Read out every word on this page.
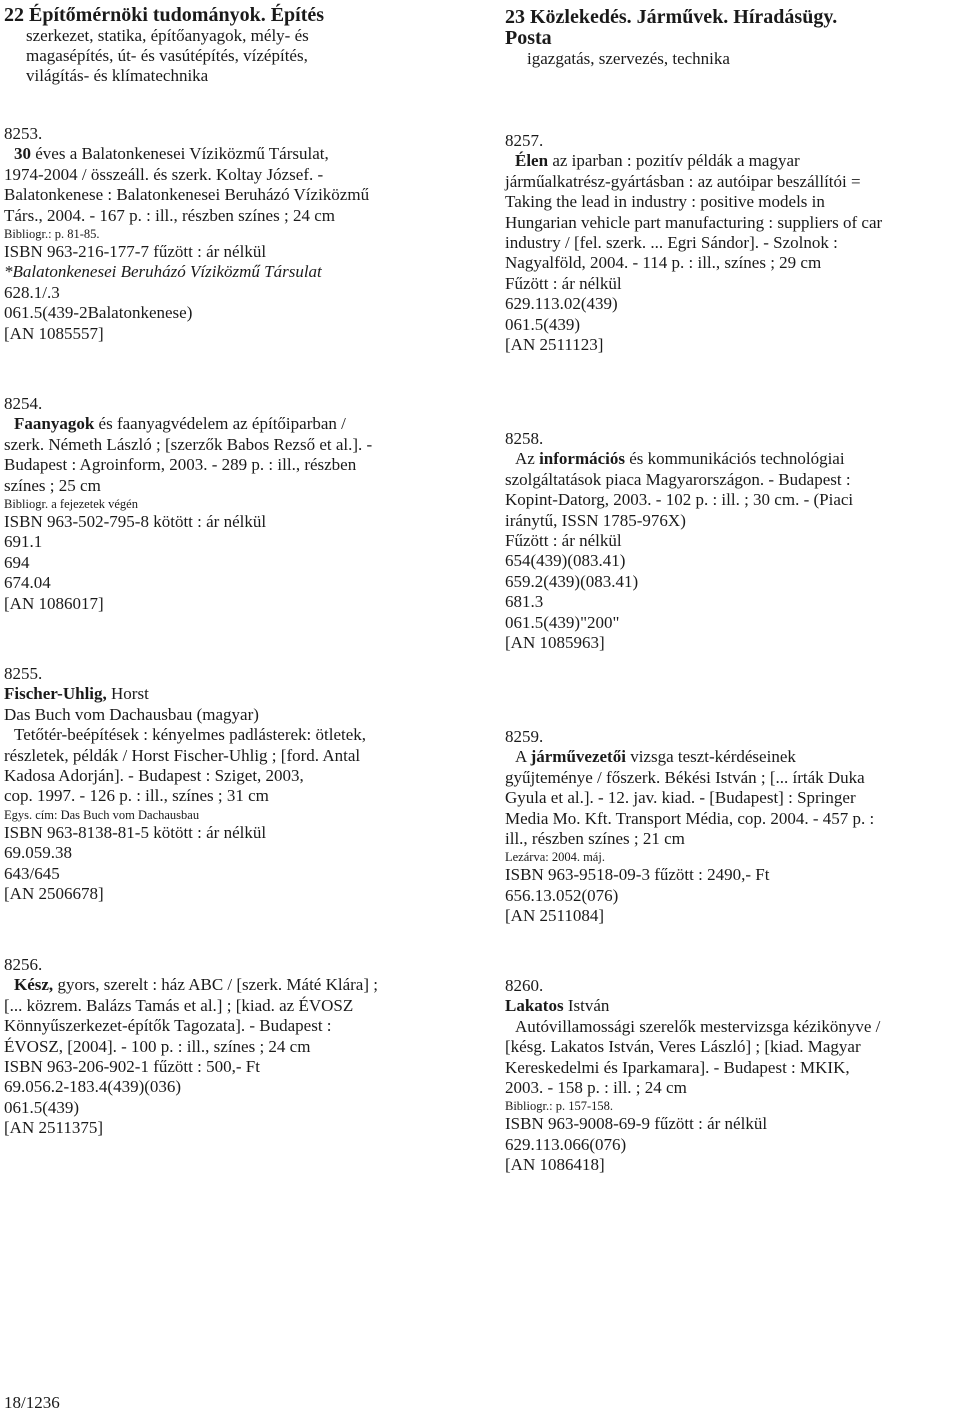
22 Építőmérnöki tudományok. Építés
szerkezet, statika, építőanyagok, mély- és
magasépítés, út- és vasútépítés, vízépítés,
világítás- és klímatechnika
23 Közlekedés. Járművek. Híradásügy.
Posta
igazgatás, szervezés, technika
8253.
30 éves a Balatonkenesei Víziközmű Társulat,
1974-2004 / összeáll. és szerk. Koltay József. -
Balatonkenese : Balatonkenesei Beruházó Víziközmű
Társ., 2004. - 167 p. : ill., részben színes ; 24 cm
Bibliogr.: p. 81-85.
ISBN 963-216-177-7 fűzött : ár nélkül
*Balatonkenesei Beruházó Víziközmű Társulat
628.1/.3
061.5(439-2Balatonkenese)
[AN 1085557]
8254.
Faanyagok és faanyagvédelem az építőiparban /
szerk. Németh László ; [szerzők Babos Rezső et al.]. -
Budapest : Agroinform, 2003. - 289 p. : ill., részben
színes ; 25 cm
Bibliogr. a fejezetek végén
ISBN 963-502-795-8 kötött : ár nélkül
691.1
694
674.04
[AN 1086017]
8255.
Fischer-Uhlig, Horst
Das Buch vom Dachausbau (magyar)
Tetőtér-beépítések : kényelmes padlásterek: ötletek,
részletek, példák / Horst Fischer-Uhlig ; [ford. Antal
Kadosa Adorján]. - Budapest : Sziget, 2003,
cop. 1997. - 126 p. : ill., színes ; 31 cm
Egys. cím: Das Buch vom Dachausbau
ISBN 963-8138-81-5 kötött : ár nélkül
69.059.38
643/645
[AN 2506678]
8256.
Kész, gyors, szerelt : ház ABC / [szerk. Máté Klára] ;
[... közrem. Balázs Tamás et al.] ; [kiad. az ÉVOSZ
Könnyűszerkezet-építők Tagozata]. - Budapest :
ÉVOSZ, [2004]. - 100 p. : ill., színes ; 24 cm
ISBN 963-206-902-1 fűzött : 500,- Ft
69.056.2-183.4(439)(036)
061.5(439)
[AN 2511375]
8257.
Élen az iparban : pozitív példák a magyar
járműalkatrész-gyártásban : az autóipar beszállítói =
Taking the lead in industry : positive models in
Hungarian vehicle part manufacturing : suppliers of car
industry / [fel. szerk. ... Egri Sándor]. - Szolnok :
Nagyalföld, 2004. - 114 p. : ill., színes ; 29 cm
Fűzött : ár nélkül
629.113.02(439)
061.5(439)
[AN 2511123]
8258.
Az információs és kommunikációs technológiai
szolgáltatások piaca Magyarországon. - Budapest :
Kopint-Datorg, 2003. - 102 p. : ill. ; 30 cm. - (Piaci
iránytű, ISSN 1785-976X)
Fűzött : ár nélkül
654(439)(083.41)
659.2(439)(083.41)
681.3
061.5(439)"200"
[AN 1085963]
8259.
A járművezetői vizsga teszt-kérdéseinek
gyűjteménye / főszerk. Békési István ; [... írták Duka
Gyula et al.]. - 12. jav. kiad. - [Budapest] : Springer
Media Mo. Kft. Transport Média, cop. 2004. - 457 p. :
ill., részben színes ; 21 cm
Lezárva: 2004. máj.
ISBN 963-9518-09-3 fűzött : 2490,- Ft
656.13.052(076)
[AN 2511084]
8260.
Lakatos István
Autóvillamossági szerelők mestervizsga kézikönyve /
[késg. Lakatos István, Veres László] ; [kiad. Magyar
Kereskedelmi és Iparkamara]. - Budapest : MKIK,
2003. - 158 p. : ill. ; 24 cm
Bibliogr.: p. 157-158.
ISBN 963-9008-69-9 fűzött : ár nélkül
629.113.066(076)
[AN 1086418]
18/1236
